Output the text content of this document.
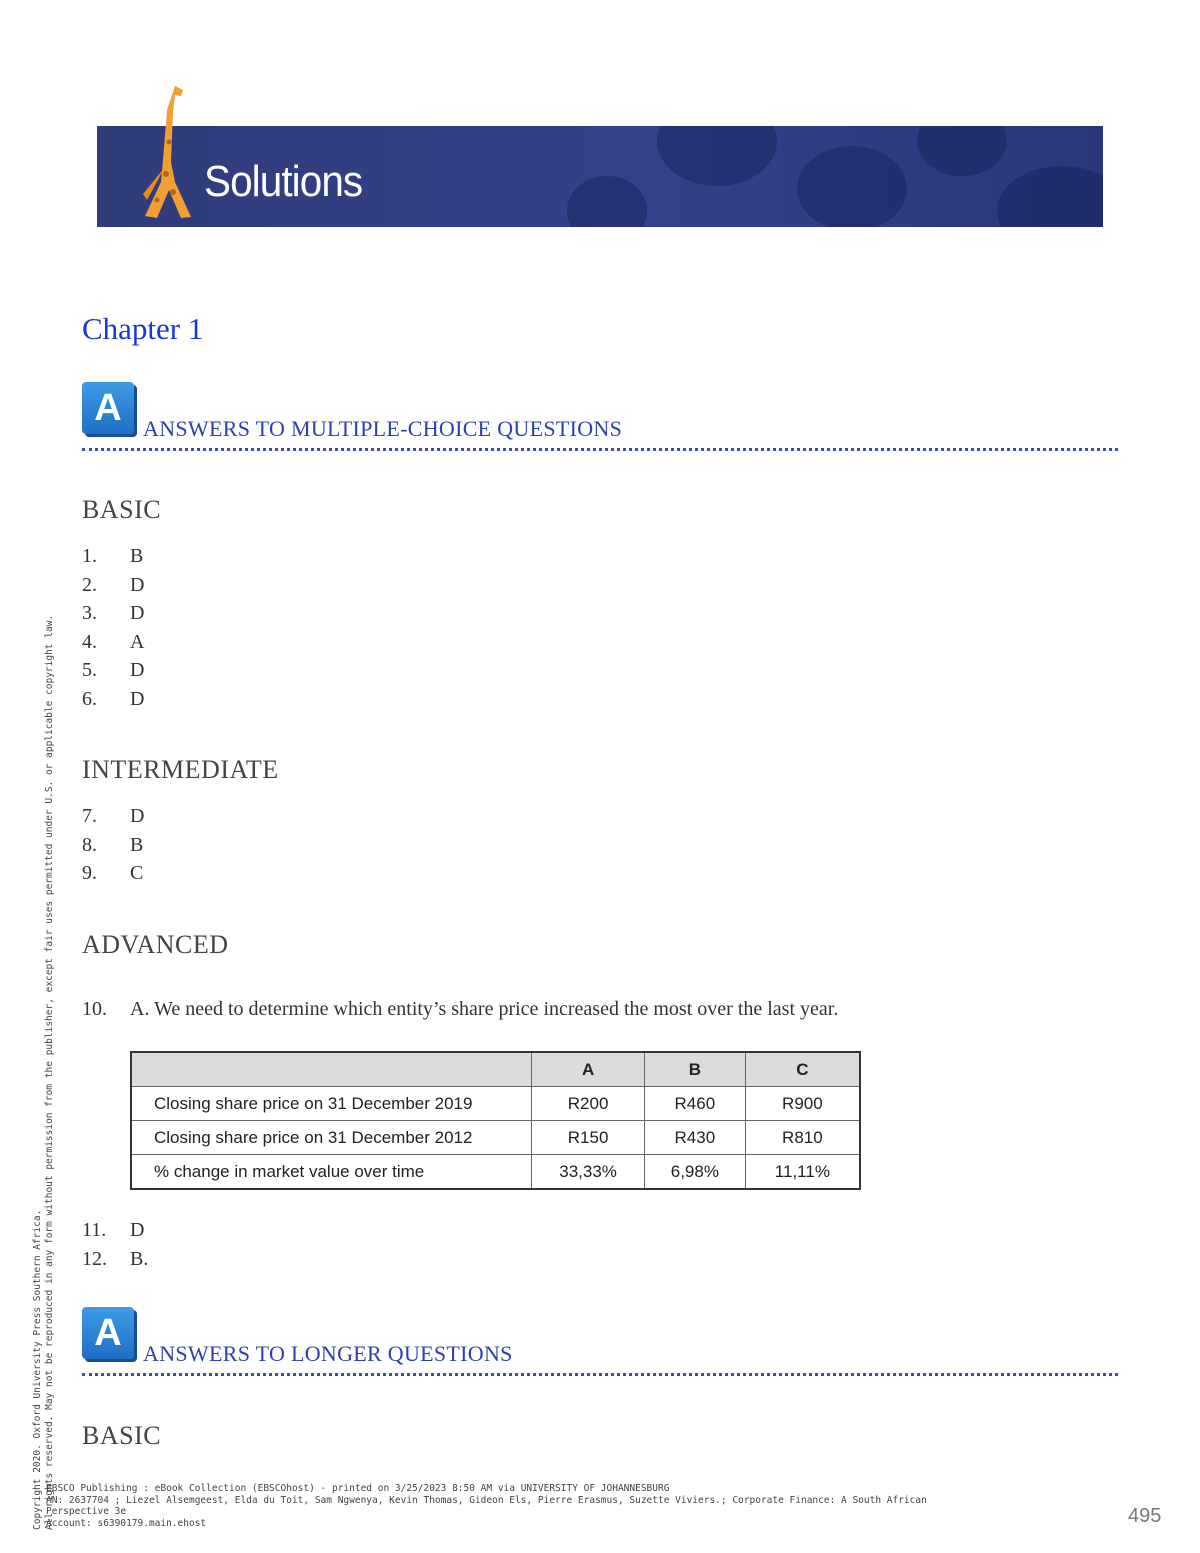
Solutions
Chapter 1
A ANSWERS TO MULTIPLE-CHOICE QUESTIONS
BASIC
1. B
2. D
3. D
4. A
5. D
6. D
INTERMEDIATE
7. D
8. B
9. C
ADVANCED
10. A. We need to determine which entity’s share price increased the most over the last year.
	A	B	C
Closing share price on 31 December 2019	R200	R460	R900
Closing share price on 31 December 2012	R150	R430	R810
% change in market value over time	33,33%	6,98%	11,11%
11. D
12. B.
A ANSWERS TO LONGER QUESTIONS
BASIC
EBSCO Publishing : eBook Collection (EBSCOhost) - printed on 3/25/2023 8:50 AM via UNIVERSITY OF JOHANNESBURG
AN: 2637704 ; Liezel Alsemgeest, Elda du Toit, Sam Ngwenya, Kevin Thomas, Gideon Els, Pierre Erasmus, Suzette Viviers.; Corporate Finance: A South African
Perspective 3e
Account: s6390179.main.ehost	495
Copyright 2020. Oxford University Press Southern Africa. All rights reserved. May not be reproduced in any form without permission from the publisher, except fair uses permitted under U.S. or applicable copyright law.
